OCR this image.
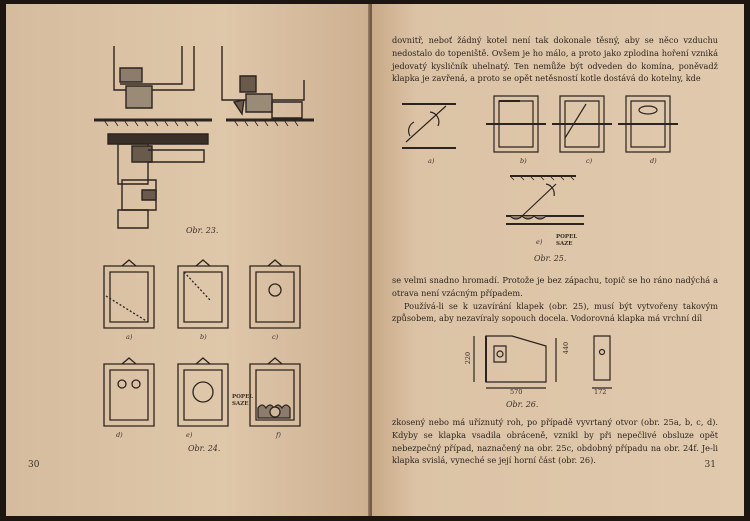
Obr. 23.
a)	b)	c)
d)	e)	f)
POPEL
SAZE
Obr. 24.
30

dovnitř, neboť žádný kotel není tak dokonale těsný, aby se něco vzduchu nedostalo do topeniště. Ovšem je ho málo, a proto jako zplodina hoření vzniká jedovatý kysličník uhelnatý. Ten nemůže být odveden do komína, poněvadž klapka je zavřená, a proto se opět netěsností kotle dostává do kotelny, kde

a)	b)	c)	d)
e)
POPEL
SAZE
Obr. 25.

se velmi snadno hromadí. Protože je bez zápachu, topič se ho ráno nadýchá a otrava není vzácným případem.

Používá-li se k uzavírání klapek (obr. 25), musí být vytvořeny takovým způsobem, aby nezavíraly sopouch docela. Vodorovná klapka má vrchní díl

220
440
570	172
Obr. 26.

zkosený nebo má uříznutý roh, po případě vyvrtaný otvor (obr. 25a, b, c, d). Kdyby se klapka vsadila obráceně, vznikl by při nepečlivé obsluze opět nebezpečný případ, naznačený na obr. 25c, obdobný případu na obr. 24f. Je-li klapka svislá, vyneché se její horní část (obr. 26).	31
